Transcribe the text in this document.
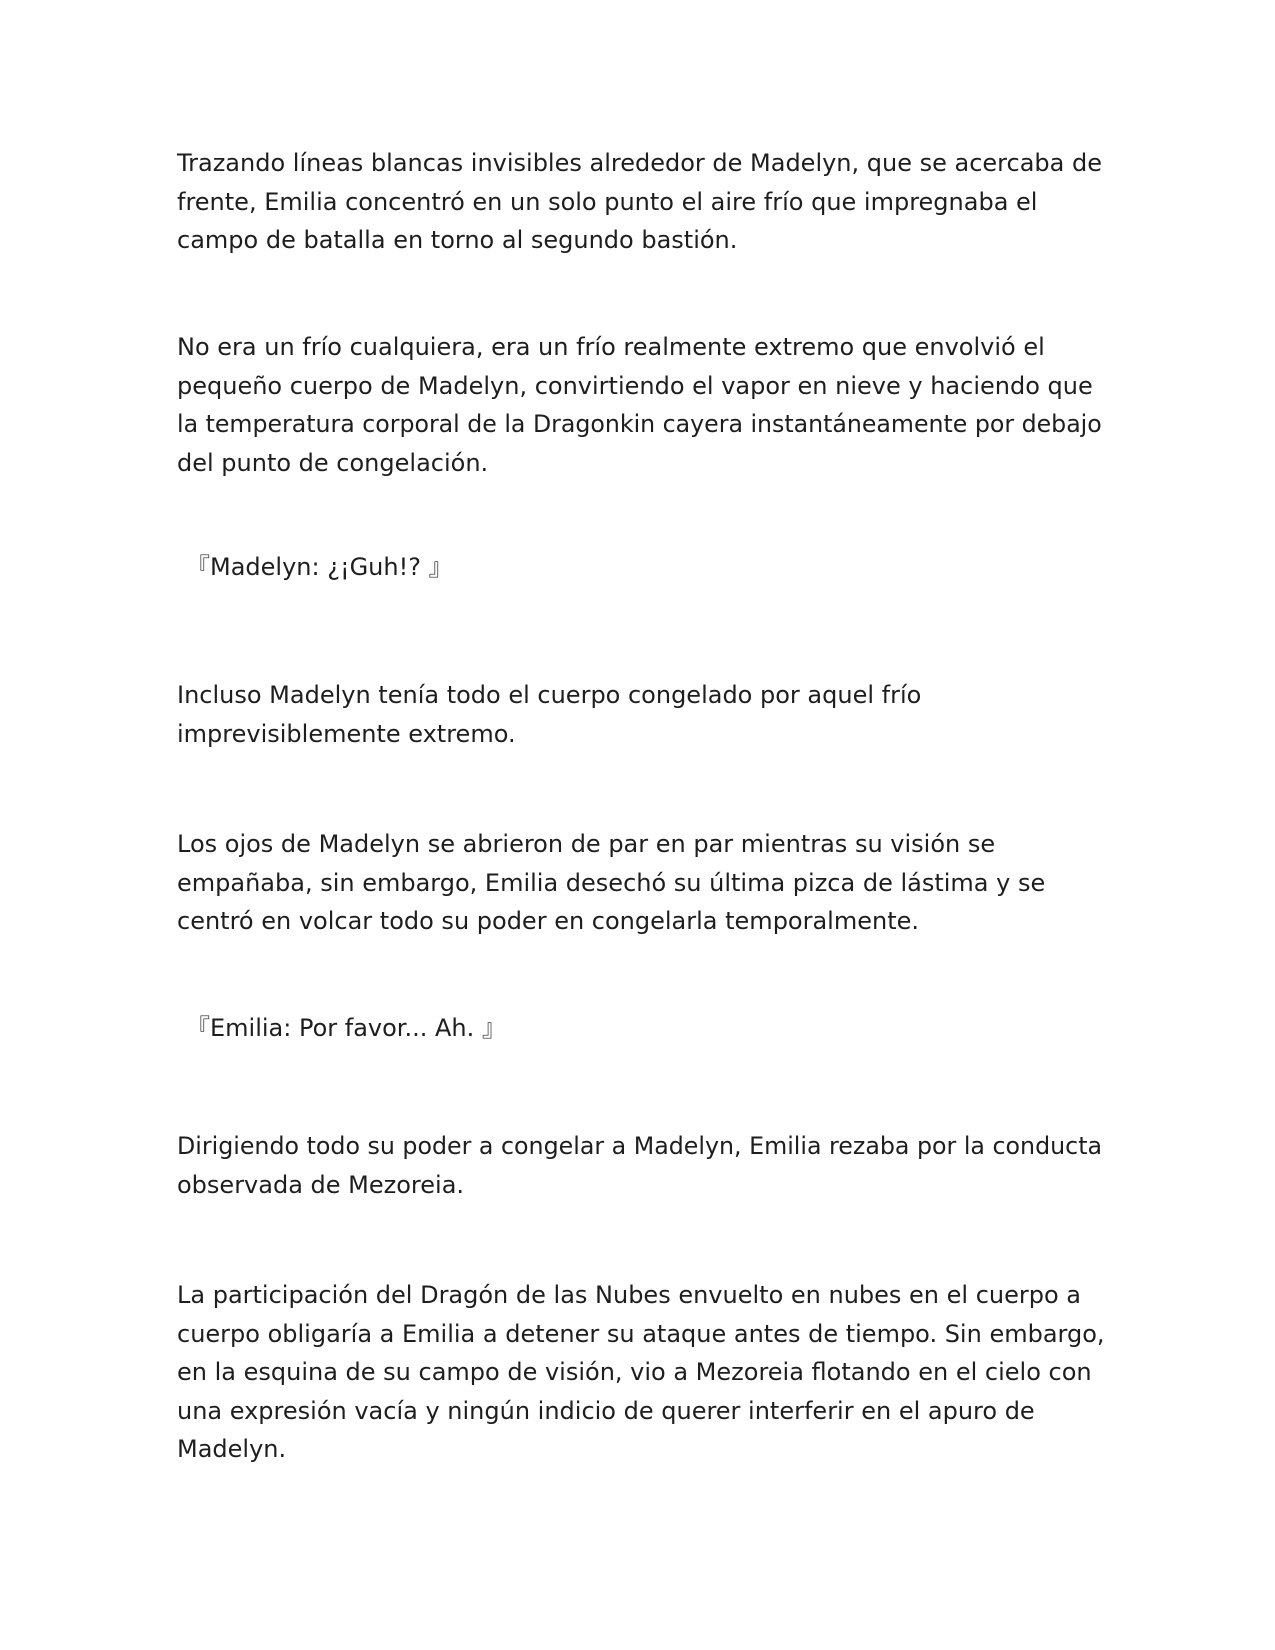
Trazando líneas blancas invisibles alrededor de Madelyn, que se acercaba de
frente, Emilia concentró en un solo punto el aire frío que impregnaba el
campo de batalla en torno al segundo bastión.

No era un frío cualquiera, era un frío realmente extremo que envolvió el
pequeño cuerpo de Madelyn, convirtiendo el vapor en nieve y haciendo que
la temperatura corporal de la Dragonkin cayera instantáneamente por debajo
del punto de congelación.

『Madelyn: ¿¡Guh!? 』

Incluso Madelyn tenía todo el cuerpo congelado por aquel frío
imprevisiblemente extremo.

Los ojos de Madelyn se abrieron de par en par mientras su visión se
empañaba, sin embargo, Emilia desechó su última pizca de lástima y se
centró en volcar todo su poder en congelarla temporalmente.

『Emilia: Por favor... Ah. 』

Dirigiendo todo su poder a congelar a Madelyn, Emilia rezaba por la conducta
observada de Mezoreia.

La participación del Dragón de las Nubes envuelto en nubes en el cuerpo a
cuerpo obligaría a Emilia a detener su ataque antes de tiempo. Sin embargo,
en la esquina de su campo de visión, vio a Mezoreia flotando en el cielo con
una expresión vacía y ningún indicio de querer interferir en el apuro de
Madelyn.
